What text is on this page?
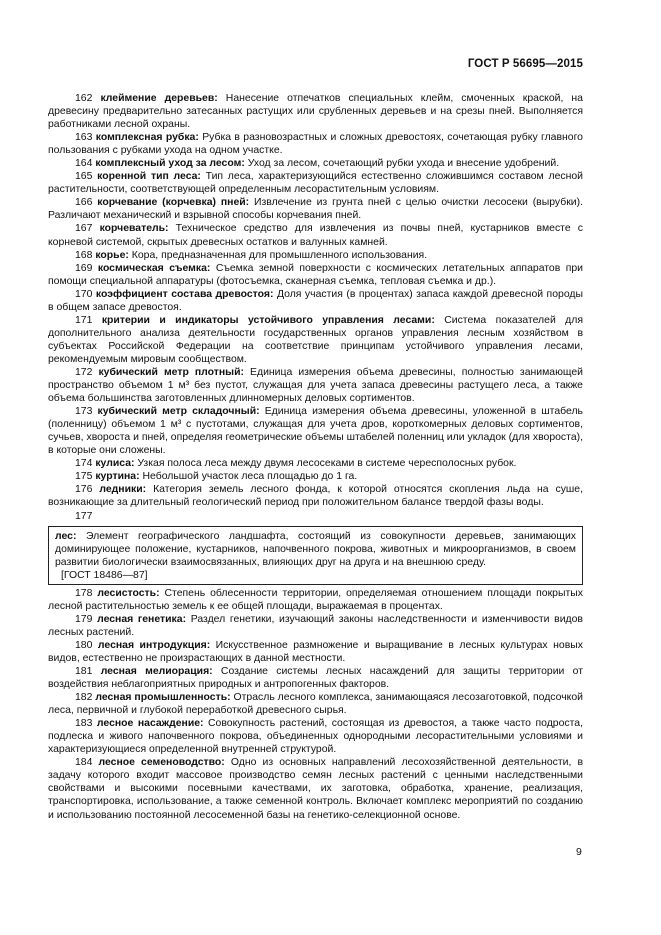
ГОСТ Р 56695—2015

162 клеймение деревьев: Нанесение отпечатков специальных клейм, смоченных краской, на древесину предварительно затесанных растущих или срубленных деревьев и на срезы пней. Выполняется работниками лесной охраны.

163 комплексная рубка: Рубка в разновозрастных и сложных древостоях, сочетающая рубку главного пользования с рубками ухода на одном участке.

164 комплексный уход за лесом: Уход за лесом, сочетающий рубки ухода и внесение удобрений.

165 коренной тип леса: Тип леса, характеризующийся естественно сложившимся составом лесной растительности, соответствующей определенным лесорастительным условиям.

166 корчевание (корчевка) пней: Извлечение из грунта пней с целью очистки лесосеки (вырубки). Различают механический и взрывной способы корчевания пней.

167 корчеватель: Техническое средство для извлечения из почвы пней, кустарников вместе с корневой системой, скрытых древесных остатков и валунных камней.

168 корье: Кора, предназначенная для промышленного использования.

169 космическая съемка: Съемка земной поверхности с космических летательных аппаратов при помощи специальной аппаратуры (фотосъемка, сканерная съемка, тепловая съемка и др.).

170 коэффициент состава древостоя: Доля участия (в процентах) запаса каждой древесной породы в общем запасе древостоя.

171 критерии и индикаторы устойчивого управления лесами: Система показателей для дополнительного анализа деятельности государственных органов управления лесным хозяйством в субъектах Российской Федерации на соответствие принципам устойчивого управления лесами, рекомендуемым мировым сообществом.

172 кубический метр плотный: Единица измерения объема древесины, полностью занимающей пространство объемом 1 м³ без пустот, служащая для учета запаса древесины растущего леса, а также объема большинства заготовленных длинномерных деловых сортиментов.

173 кубический метр складочный: Единица измерения объема древесины, уложенной в штабель (поленницу) объемом 1 м³ с пустотами, служащая для учета дров, короткомерных деловых сортиментов, сучьев, хвороста и пней, определяя геометрические объемы штабелей поленниц или укладок (для хвороста), в которые они сложены.

174 кулиса: Узкая полоса леса между двумя лесосеками в системе чересполосных рубок.

175 куртина: Небольшой участок леса площадью до 1 га.

176 ледники: Категория земель лесного фонда, к которой относятся скопления льда на суше, возникающие за длительный геологический период при положительном балансе твердой фазы воды.

177

лес: Элемент географического ландшафта, состоящий из совокупности деревьев, занимающих доминирующее положение, кустарников, напочвенного покрова, животных и микроорганизмов, в своем развитии биологически взаимосвязанных, влияющих друг на друга и на внешнюю среду.

[ГОСТ 18486—87]

178 лесистость: Степень облесенности территории, определяемая отношением площади покрытых лесной растительностью земель к ее общей площади, выражаемая в процентах.

179 лесная генетика: Раздел генетики, изучающий законы наследственности и изменчивости видов лесных растений.

180 лесная интродукция: Искусственное размножение и выращивание в лесных культурах новых видов, естественно не произрастающих в данной местности.

181 лесная мелиорация: Создание системы лесных насаждений для защиты территории от воздействия неблагоприятных природных и антропогенных факторов.

182 лесная промышленность: Отрасль лесного комплекса, занимающаяся лесозаготовкой, подсочкой леса, первичной и глубокой переработкой древесного сырья.

183 лесное насаждение: Совокупность растений, состоящая из древостоя, а также часто подроста, подлеска и живого напочвенного покрова, объединенных однородными лесорастительными условиями и характеризующиеся определенной внутренней структурой.

184 лесное семеноводство: Одно из основных направлений лесохозяйственной деятельности, в задачу которого входит массовое производство семян лесных растений с ценными наследственными свойствами и высокими посевными качествами, их заготовка, обработка, хранение, реализация, транспортировка, использование, а также семенной контроль. Включает комплекс мероприятий по созданию и использованию постоянной лесосеменной базы на генетико-селекционной основе.

9
